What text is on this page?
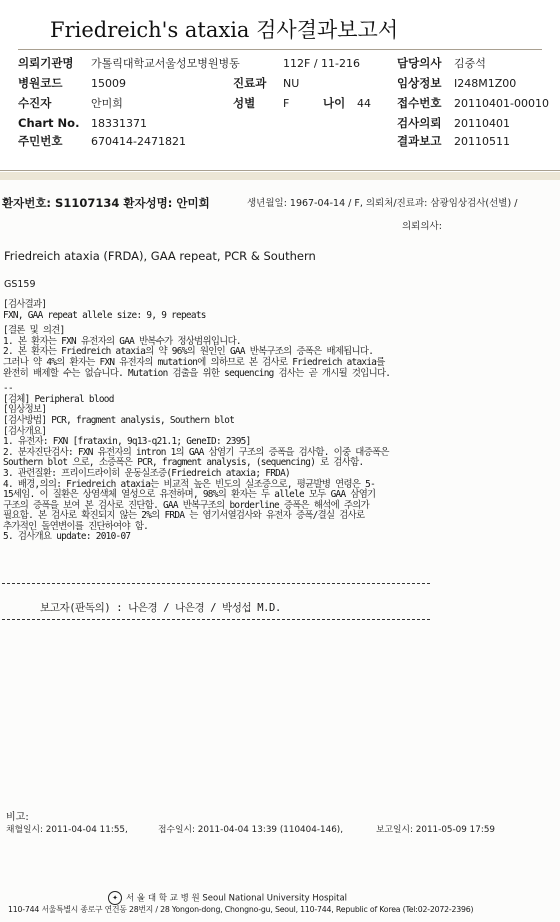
Friedreich's ataxia 검사결과보고서
의뢰기관명 가톨릭대학교서울성모병원병동	112F / 11-216	담당의사 김중석
병원코드	15009	진료과 NU	임상정보 I248M1Z00
수진자	안미희	성별	F	나이 44 접수번호 20110401-00010
Chart No. 18331371	검사의뢰 20110401
주민번호	670414-2471821	결과보고 20110511
환자번호: S1107134 환자성명: 안미희	생년월일: 1967-04-14 / F, 의뢰처/진료과: 삼광임상검사(선별) /
의뢰의사:
Friedreich ataxia (FRDA), GAA repeat, PCR & Southern
GS159
[검사결과]
FXN, GAA repeat allele size: 9, 9 repeats
[결론 및 의견]
1. 본 환자는 FXN 유전자의 GAA 반복수가 정상범위입니다.
2. 본 환자는 Friedreich ataxia의 약 96%의 원인인 GAA 반복구조의 증폭은 배제됩니다.
그러나 약 4%의 환자는 FXN 유전자의 mutation에 의하므로 본 검사로 Friedreich ataxia를
완전히 배제할 수는 없습니다. Mutation 검출을 위한 sequencing 검사는 곧 개시될 것입니다.
--
[검체] Peripheral blood
[임상정보]
[검사방법] PCR, fragment analysis, Southern blot
[검사개요]
1. 유전자: FXN [frataxin, 9q13-q21.1; GeneID: 2395]
2. 분자진단검사: FXN 유전자의 intron 1의 GAA 삼염기 구조의 증폭을 검사함. 이중 대증폭은
Southern blot 으로, 소증폭은 PCR, fragment analysis, (sequencing) 로 검사함.
3. 관련질환: 프리이드라이히 운동실조증(Friedreich ataxia; FRDA)
4. 배경,의의: Friedreich ataxia는 비교적 높은 빈도의 실조증으로, 평균발병 연령은 5-
15세임. 이 질환은 상염색체 열성으로 유전하며, 98%의 환자는 두 allele 모두 GAA 삼염기
구조의 증폭을 보여 본 검사로 진단함. GAA 반복구조의 borderline 증폭은 해석에 주의가
필요함. 본 검사로 확진되지 않는 2%의 FRDA 는 염기서열검사와 유전자 증폭/결실 검사로
추가적인 돌연변이를 진단하여야 함.
5. 검사개요 update: 2010-07
보고자(판독의) : 나은경 / 나은경 / 박성섭 M.D.
비고:
채혈일시: 2011-04-04 11:55,	접수일시: 2011-04-04 13:39 (110404-146),	보고일시: 2011-05-09 17:59
✦ 서 울 대 학 교 병 원 Seoul National University Hospital
110-744 서울특별시 종로구 연건동 28번지 / 28 Yongon-dong, Chongno-gu, Seoul, 110-744, Republic of Korea (Tel:02-2072-2396)
